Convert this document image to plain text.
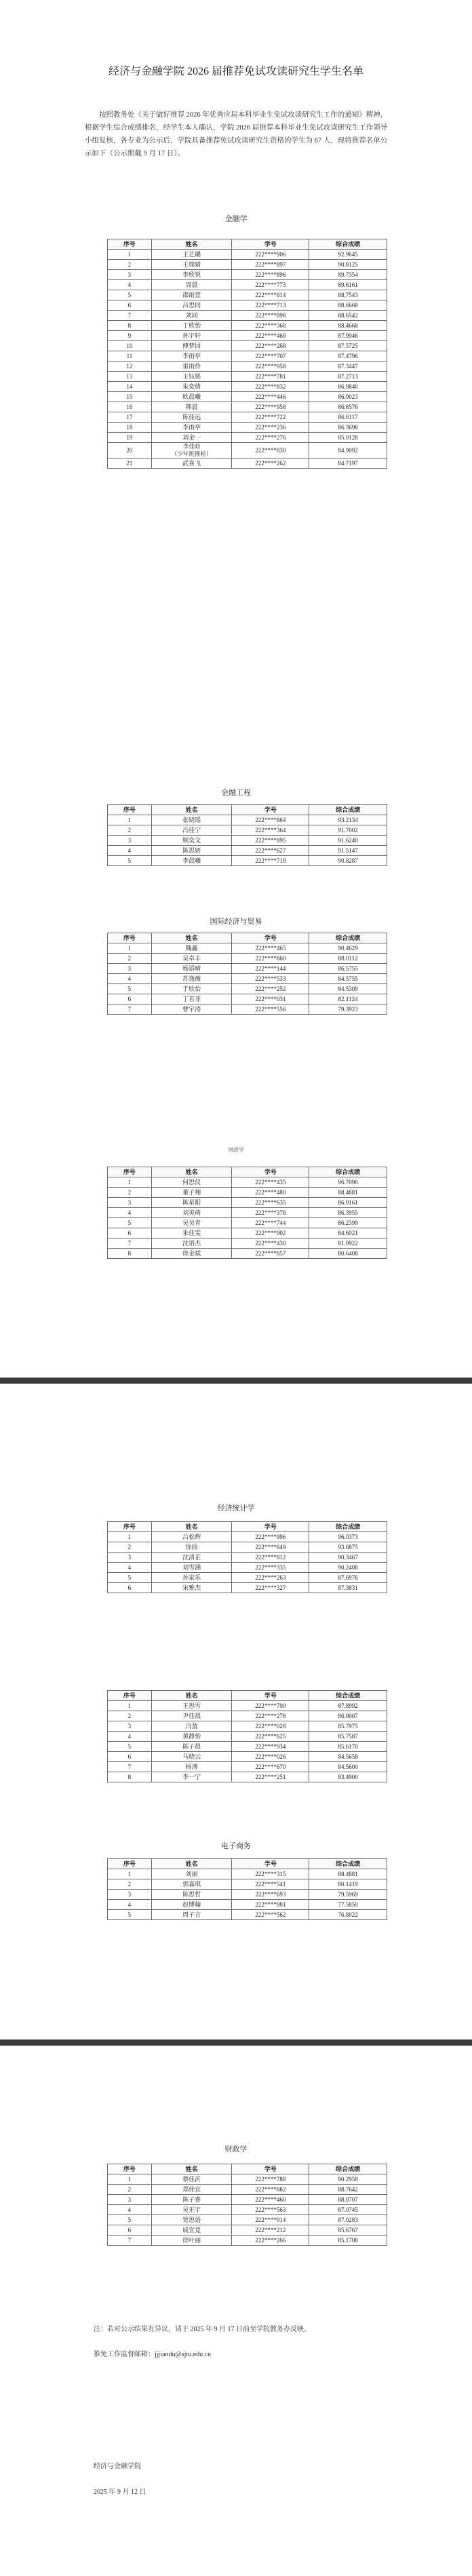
经济与金融学院 2026 届推荐免试攻读研究生学生名单

按照教务处《关于做好推荐 2026 年优秀应届本科毕业生免试攻读研究生工作的通知》精神，根据学生综合成绩排名，经学生本人确认，学院 2026 届推荐本科毕业生免试攻读研究生工作领导小组复核，各专业为公示后，学院具备推荐免试攻读研究生资格的学生为 67 人，现将推荐名单公示如下（公示期截 9 月 17 日）。

金融学
序号	姓名	学号	综合成绩
1	王艺璐	222****906	92.9645
2	王瑞婧	222****897	90.8125
3	李欣悦	222****896	89.7354
4	周晨	222****773	89.6161
5	邵雨萱	222****814	88.7543
6	吕思同	222****713	88.6668
7	刘同	222****898	88.6542
8	丁欣怡	222****368	88.4668
9	孙宇轩	222****469	87.9946
10	傅梦回	222****268	87.5725
11	李雨亭	222****707	87.4796
12	雷雨伶	222****958	87.3447
13	王钰铭	222****781	87.2713
14	朱奕倩	222****832	86.9840
15	欧晨曦	222****446	86.9023
16	韩晨	222****958	86.8576
17	陈佳远	222****722	86.6117
18	李雨亭	222****236	86.3698
19	刘金一	222****276	85.0128
20	李佳晗
（少年班推检）	222****830	84.9092
21	武喜飞	222****262	84.7197
金融工程
序号	姓名	学号	综合成绩
1	张晓瑶	222****864	93.2134
2	冯佳宁	222****364	91.7002
3	顾奕文	222****895	91.6240
4	陈思妍	222****627	91.5147
5	李晨曦	222****719	90.8287
国际经济与贸易
序号	姓名	学号	综合成绩
1	魏鑫	222****465	90.4629
2	吴卓丰	222****860	88.0112
3	杨语晴	222****144	86.5755
4	苏逸薇	222****533	84.5755
5	于欣怡	222****252	84.5309
6	丁若菲	222****031	82.1124
7	曹宇涛	222****556	79.3923
财政学
序号	姓名	学号	综合成绩
1	何思仪	222****435	96.7090
2	董子翔	222****480	88.4881
3	陈星阳	222****635	86.9161
4	刘美萌	222****378	86.3955
5	吴昊青	222****744	86.2399
6	朱佳雯	222****902	84.6021
7	沈语杰	222****430	81.0922
8	徐金斌	222****857	80.6408
经济统计学
序号	姓名	学号	综合成绩
1	吕松辉	222****996	96.0373
2	徐扬	222****649	93.6875
3	沈清芷	222****812	90.3467
4	刘雪涵	222****335	90.2408
5	孙家乐	222****263	87.6976
6	宋雅杰	222****327	87.3831
序号	姓名	学号	综合成绩
1	王思雪	222****790	87.8992
2	尹佳晨	222****278	86.9007
3	冯盈	222****028	85.7975
4	黄静怡	222****625	85.7587
5	陈子晨	222****934	85.6170
6	马晓云	222****026	84.5658
7	杨溥	222****670	84.5600
8	李一宁	222****251	83.4900
电子商务
序号	姓名	学号	综合成绩
1	刘丽	222****315	88.4881
2	郭嘉琪	222****541	80.1419
3	陈思哲	222****693	79.5969
4	赵博翰	222****981	77.5850
5	周子言	222****562	76.8022
财政学
序号	姓名	学号	综合成绩
1	蔡佳沂	222****788	90.2958
2	郑佳宜	222****882	88.7642
3	陈子睿	222****460	88.0707
4	吴正宇	222****563	87.0745
5	贾思语	222****914	87.0283
6	戚宣竟	222****212	85.6767
7	徐叶丽	222****266	85.1708
注：若对公示结果有异议，请于 2025 年 9 月 17 日前至学院教务办反映。
推免工作监督邮箱：jjjiandu@sjtu.edu.cn
经济与金融学院
2025 年 9 月 12 日
